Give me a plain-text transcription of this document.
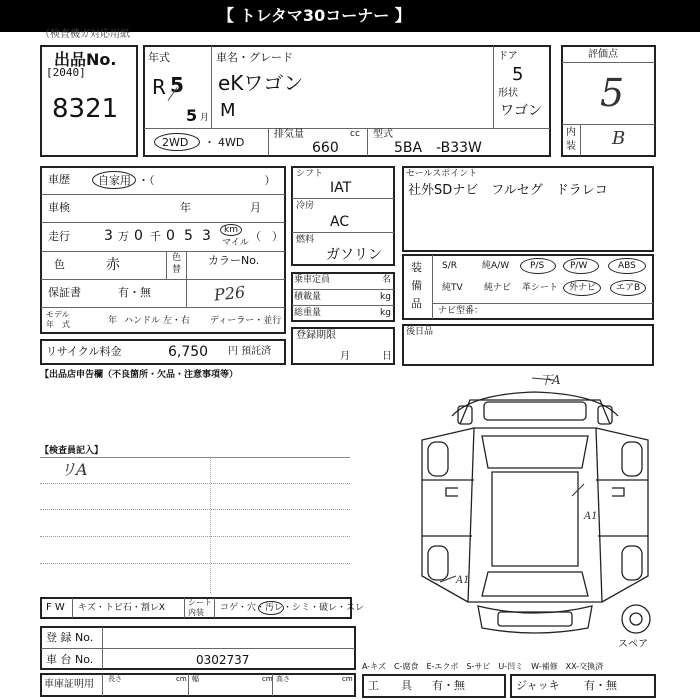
【 トレタマ30コーナー 】
（検査機ガ対応用紙
出品No.
[2040]
8321
年式
R 5
5 月
車名・グレード
eKワゴン
M
ドア
5
形状
ワゴン
2WD ・ 4WD
排気量	cc
660
型式
5BA　-B33W
評価点
5
内
装 B
車歴	自家用 ・（　　　　　　　　　　）
車検	年	月
走行 3 万 0 千 0 5 3 km
マイル （　）
色	赤	色
替
カラーNo.
P26
保証書	有・無
モデル
年　式	年 ハンドル 左・右 ディーラー・並行
リサイクル料金	6,750 円 預託済
シフト
IAT
冷房
AC
燃料
ガソリン
乗車定員	名
積載量	kg
総重量	kg
登録期限
月	日
セールスポイント
社外SDナビ　フルセグ　ドラレコ
装
備
品
S/R	純A/W P/S	P/W	ABS
純TV 純ナビ 革シート 外ナビ エアB
ナビ型番：
後日品
【出品店申告欄（不良箇所・欠品・注意事項等）
【検査員記入】
リA
下A
A1
A1
スペア
A-キズ　C-腐食　E-エクボ　S-サビ　U-凹ミ　W-補修　XX-交換済
F W キズ・トビ石・割レX
シート
内装 コゲ・穴・汚レ・シミ・破レ・スレ
登 録 No.
車 台 No.	0302737
車庫証明用 長さ	cm 幅	cm 高さ	cm 工　　具 有・無	ジャッキ 有・無
